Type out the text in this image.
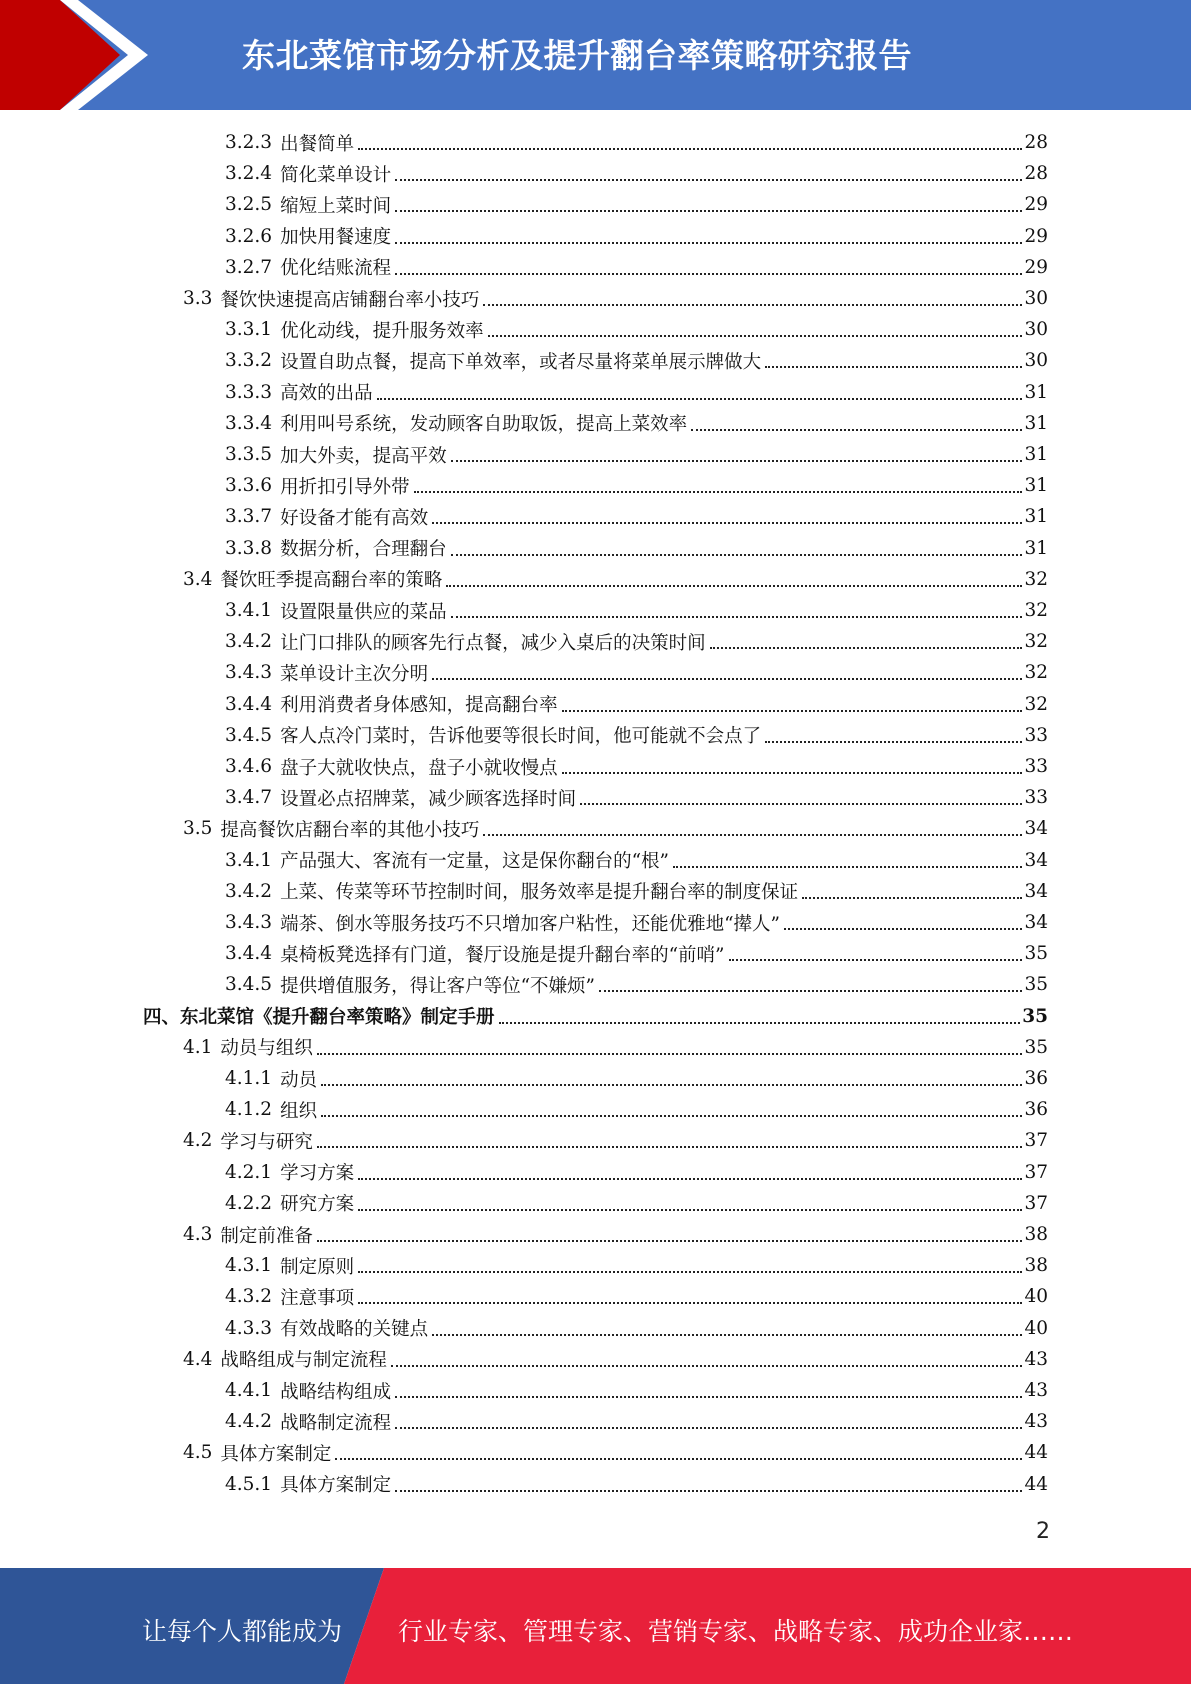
东北菜馆市场分析及提升翻台率策略研究报告
3.2.3 出餐简单	28
3.2.4 简化菜单设计	28
3.2.5 缩短上菜时间	29
3.2.6 加快用餐速度	29
3.2.7 优化结账流程	29
3.3 餐饮快速提高店铺翻台率小技巧	30
3.3.1 优化动线，提升服务效率	30
3.3.2 设置自助点餐，提高下单效率，或者尽量将菜单展示牌做大	30
3.3.3 高效的出品	31
3.3.4 利用叫号系统，发动顾客自助取饭，提高上菜效率	31
3.3.5 加大外卖，提高平效	31
3.3.6 用折扣引导外带	31
3.3.7 好设备才能有高效	31
3.3.8 数据分析，合理翻台	31
3.4 餐饮旺季提高翻台率的策略	32
3.4.1 设置限量供应的菜品	32
3.4.2 让门口排队的顾客先行点餐，减少入桌后的决策时间	32
3.4.3 菜单设计主次分明	32
3.4.4 利用消费者身体感知，提高翻台率	32
3.4.5 客人点冷门菜时，告诉他要等很长时间，他可能就不会点了	33
3.4.6 盘子大就收快点，盘子小就收慢点	33
3.4.7 设置必点招牌菜，减少顾客选择时间	33
3.5 提高餐饮店翻台率的其他小技巧	34
3.4.1 产品强大、客流有一定量，这是保你翻台的“根”	34
3.4.2 上菜、传菜等环节控制时间，服务效率是提升翻台率的制度保证	34
3.4.3 端茶、倒水等服务技巧不只增加客户粘性，还能优雅地“撵人”	34
3.4.4 桌椅板凳选择有门道，餐厅设施是提升翻台率的“前哨”	35
3.4.5 提供增值服务，得让客户等位“不嫌烦”	35
四、东北菜馆《提升翻台率策略》制定手册	35
4.1 动员与组织	35
4.1.1 动员	36
4.1.2 组织	36
4.2 学习与研究	37
4.2.1 学习方案	37
4.2.2 研究方案	37
4.3 制定前准备	38
4.3.1 制定原则	38
4.3.2 注意事项	40
4.3.3 有效战略的关键点	40
4.4 战略组成与制定流程	43
4.4.1 战略结构组成	43
4.4.2 战略制定流程	43
4.5 具体方案制定	44
4.5.1 具体方案制定	44
2
让每个人都能成为 行业专家、管理专家、营销专家、战略专家、成功企业家……
